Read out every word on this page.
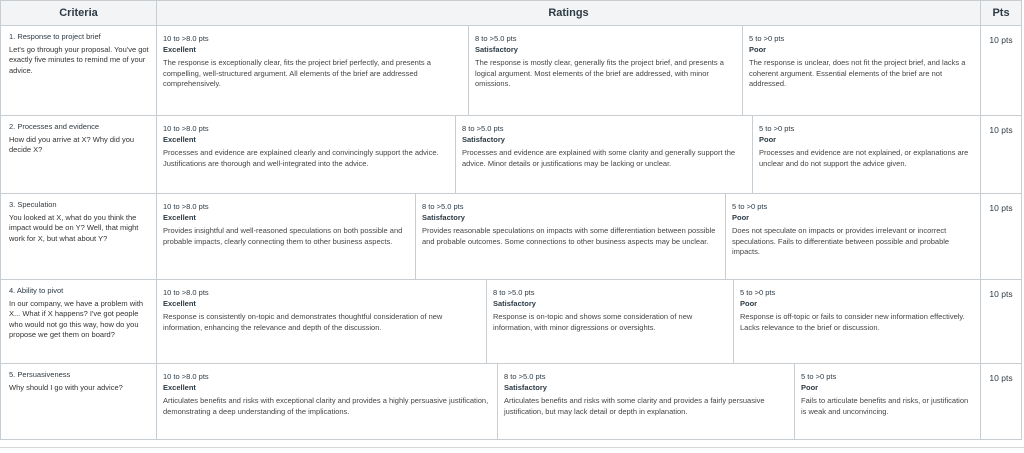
Criteria	Ratings	Pts
1. Response to project brief
Let's go through your proposal. You've got exactly five minutes to remind me of your advice.
10 to >8.0 pts
Excellent
The response is exceptionally clear, fits the project brief perfectly, and presents a compelling, well-structured argument. All elements of the brief are addressed comprehensively.
8 to >5.0 pts
Satisfactory
The response is mostly clear, generally fits the project brief, and presents a logical argument. Most elements of the brief are addressed, with minor omissions.
5 to >0 pts
Poor
The response is unclear, does not fit the project brief, and lacks a coherent argument. Essential elements of the brief are not addressed.
10 pts
2. Processes and evidence
How did you arrive at X? Why did you decide X?
10 to >8.0 pts
Excellent
Processes and evidence are explained clearly and convincingly support the advice. Justifications are thorough and well-integrated into the advice.
8 to >5.0 pts
Satisfactory
Processes and evidence are explained with some clarity and generally support the advice. Minor details or justifications may be lacking or unclear.
5 to >0 pts
Poor
Processes and evidence are not explained, or explanations are unclear and do not support the advice given.
10 pts
3. Speculation
You looked at X, what do you think the impact would be on Y? Well, that might work for X, but what about Y?
10 to >8.0 pts
Excellent
Provides insightful and well-reasoned speculations on both possible and probable impacts, clearly connecting them to other business aspects.
8 to >5.0 pts
Satisfactory
Provides reasonable speculations on impacts with some differentiation between possible and probable outcomes. Some connections to other business aspects may be unclear.
5 to >0 pts
Poor
Does not speculate on impacts or provides irrelevant or incorrect speculations. Fails to differentiate between possible and probable impacts.
10 pts
4. Ability to pivot
In our company, we have a problem with X... What if X happens? I've got people who would not go this way, how do you propose we get them on board?
10 to >8.0 pts
Excellent
Response is consistently on-topic and demonstrates thoughtful consideration of new information, enhancing the relevance and depth of the discussion.
8 to >5.0 pts
Satisfactory
Response is on-topic and shows some consideration of new information, with minor digressions or oversights.
5 to >0 pts
Poor
Response is off-topic or fails to consider new information effectively. Lacks relevance to the brief or discussion.
10 pts
5. Persuasiveness
Why should I go with your advice?
10 to >8.0 pts
Excellent
Articulates benefits and risks with exceptional clarity and provides a highly persuasive justification, demonstrating a deep understanding of the implications.
8 to >5.0 pts
Satisfactory
Articulates benefits and risks with some clarity and provides a fairly persuasive justification, but may lack detail or depth in explanation.
5 to >0 pts
Poor
Fails to articulate benefits and risks, or justification is weak and unconvincing.
10 pts
